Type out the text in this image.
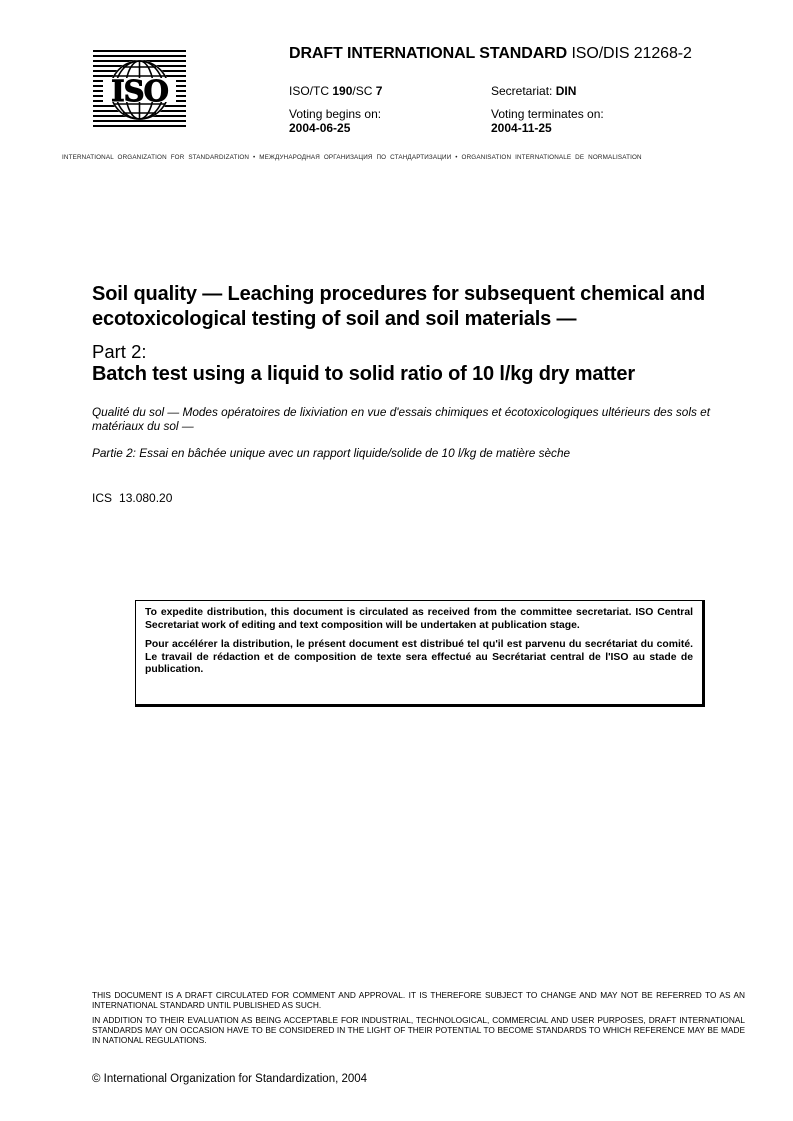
ISO
DRAFT INTERNATIONAL STANDARD ISO/DIS 21268-2
ISO/TC 190/SC 7	Secretariat: DIN
Voting begins on:
2004-06-25
Voting terminates on:
2004-11-25
INTERNATIONAL ORGANIZATION FOR STANDARDIZATION • МЕЖДУНАРОДНАЯ ОРГАНИЗАЦИЯ ПО СТАНДАРТИЗАЦИИ • ORGANISATION INTERNATIONALE DE NORMALISATION
Soil quality — Leaching procedures for subsequent chemical and ecotoxicological testing of soil and soil materials —
Part 2:
Batch test using a liquid to solid ratio of 10 l/kg dry matter
Qualité du sol — Modes opératoires de lixiviation en vue d'essais chimiques et écotoxicologiques ultérieurs des sols et matériaux du sol —
Partie 2: Essai en bâchée unique avec un rapport liquide/solide de 10 l/kg de matière sèche
ICS 13.080.20

To expedite distribution, this document is circulated as received from the committee secretariat. ISO Central Secretariat work of editing and text composition will be undertaken at publication stage.

Pour accélérer la distribution, le présent document est distribué tel qu'il est parvenu du secrétariat du comité. Le travail de rédaction et de composition de texte sera effectué au Secrétariat central de l'ISO au stade de publication.

THIS DOCUMENT IS A DRAFT CIRCULATED FOR COMMENT AND APPROVAL. IT IS THEREFORE SUBJECT TO CHANGE AND MAY NOT BE REFERRED TO AS AN INTERNATIONAL STANDARD UNTIL PUBLISHED AS SUCH.

IN ADDITION TO THEIR EVALUATION AS BEING ACCEPTABLE FOR INDUSTRIAL, TECHNOLOGICAL, COMMERCIAL AND USER PURPOSES, DRAFT INTERNATIONAL STANDARDS MAY ON OCCASION HAVE TO BE CONSIDERED IN THE LIGHT OF THEIR POTENTIAL TO BECOME STANDARDS TO WHICH REFERENCE MAY BE MADE IN NATIONAL REGULATIONS.

© International Organization for Standardization, 2004
